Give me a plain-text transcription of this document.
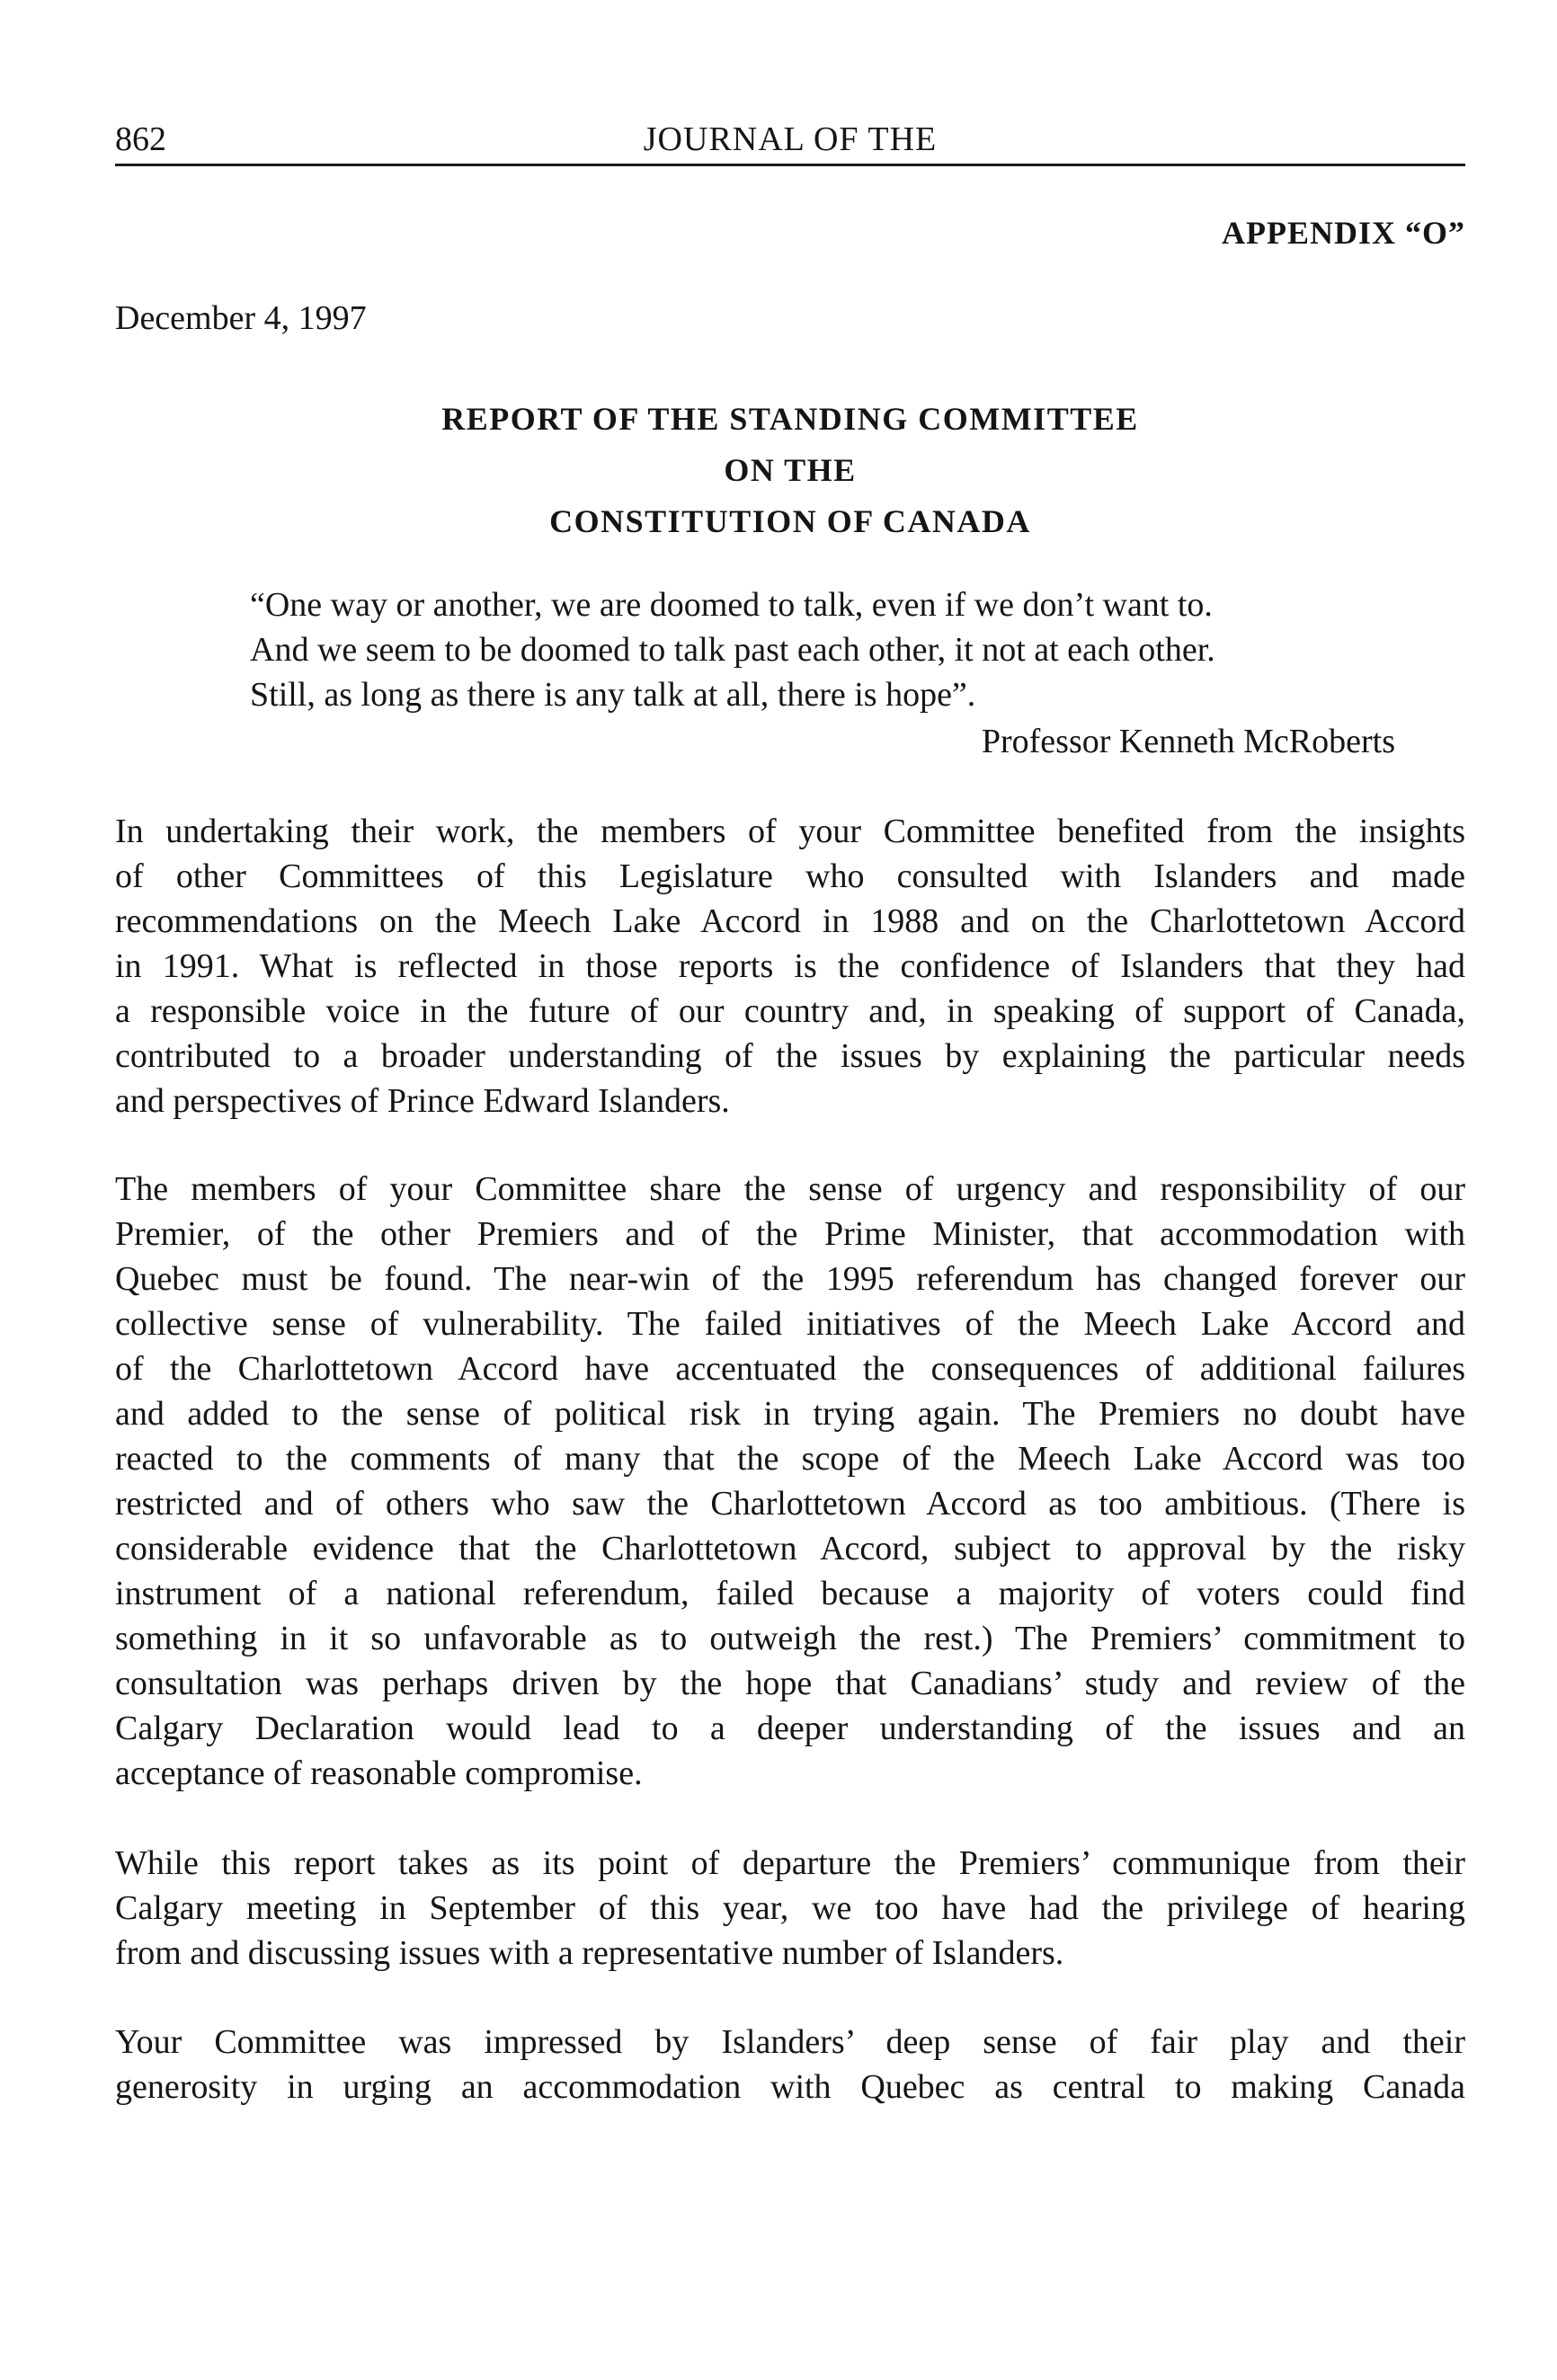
862	JOURNAL OF THE
APPENDIX “O”
December 4, 1997
REPORT OF THE STANDING COMMITTEE
ON THE
CONSTITUTION OF CANADA
“One way or another, we are doomed to talk, even if we don’t want to.
And we seem to be doomed to talk past each other, it not at each other.
Still, as long as there is any talk at all, there is hope”.
Professor Kenneth McRoberts
In undertaking their work, the members of your Committee benefited from the insights
of other Committees of this Legislature who consulted with Islanders and made
recommendations on the Meech Lake Accord in 1988 and on the Charlottetown Accord
in 1991. What is reflected in those reports is the confidence of Islanders that they had
a responsible voice in the future of our country and, in speaking of support of Canada,
contributed to a broader understanding of the issues by explaining the particular needs
and perspectives of Prince Edward Islanders.
The members of your Committee share the sense of urgency and responsibility of our
Premier, of the other Premiers and of the Prime Minister, that accommodation with
Quebec must be found. The near-win of the 1995 referendum has changed forever our
collective sense of vulnerability. The failed initiatives of the Meech Lake Accord and
of the Charlottetown Accord have accentuated the consequences of additional failures
and added to the sense of political risk in trying again. The Premiers no doubt have
reacted to the comments of many that the scope of the Meech Lake Accord was too
restricted and of others who saw the Charlottetown Accord as too ambitious. (There is
considerable evidence that the Charlottetown Accord, subject to approval by the risky
instrument of a national referendum, failed because a majority of voters could find
something in it so unfavorable as to outweigh the rest.) The Premiers’ commitment to
consultation was perhaps driven by the hope that Canadians’ study and review of the
Calgary Declaration would lead to a deeper understanding of the issues and an
acceptance of reasonable compromise.
While this report takes as its point of departure the Premiers’ communique from their
Calgary meeting in September of this year, we too have had the privilege of hearing
from and discussing issues with a representative number of Islanders.
Your Committee was impressed by Islanders’ deep sense of fair play and their
generosity in urging an accommodation with Quebec as central to making Canada
